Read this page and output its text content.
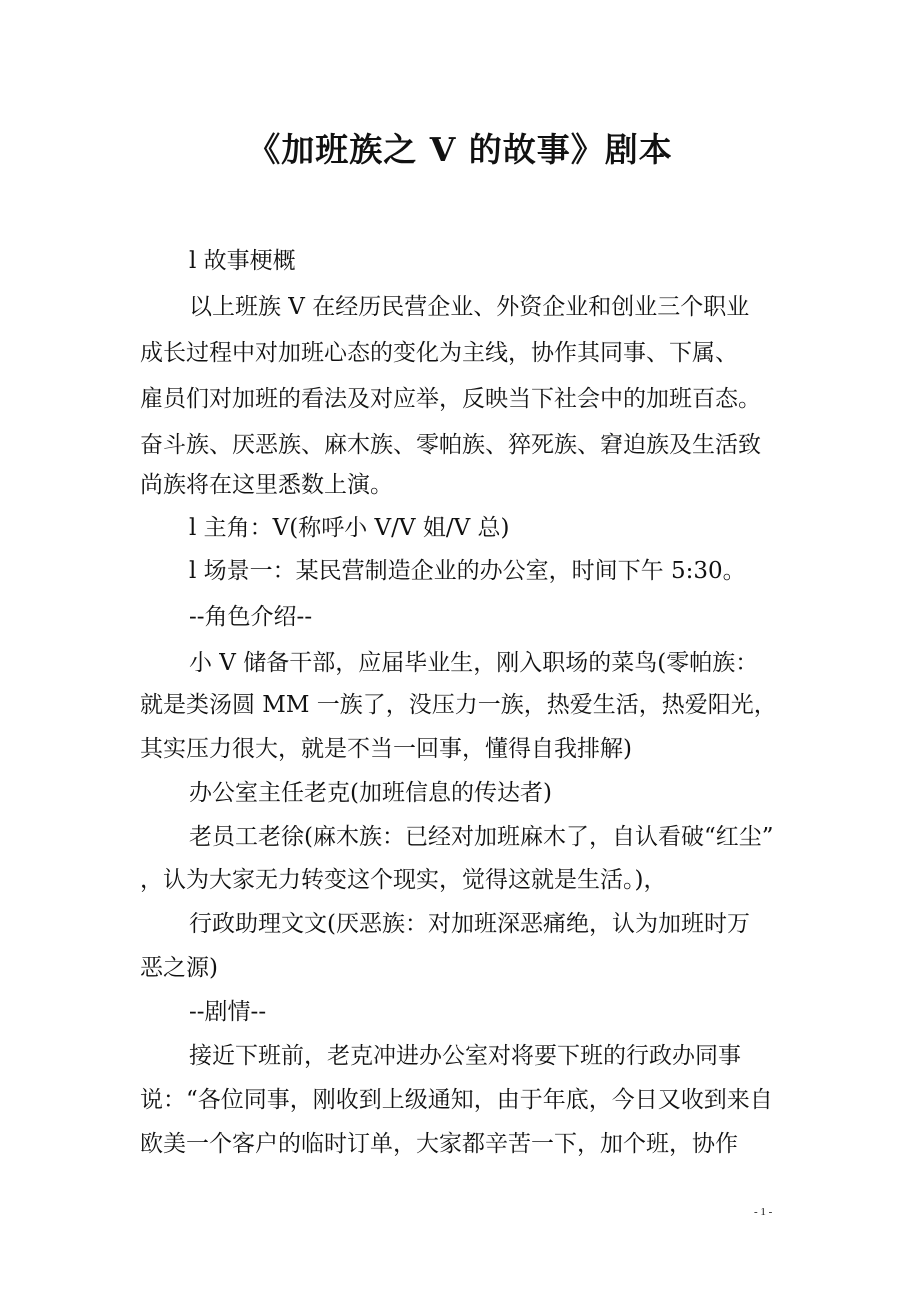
《加班族之 V 的故事》剧本
l 故事梗概
以上班族 V 在经历民营企业、外资企业和创业三个职业
成长过程中对加班心态的变化为主线，协作其同事、下属、
雇员们对加班的看法及对应举，反映当下社会中的加班百态。
奋斗族、厌恶族、麻木族、零帕族、猝死族、窘迫族及生活致
尚族将在这里悉数上演。
l 主角：V(称呼小 V/V 姐/V 总)
l 场景一：某民营制造企业的办公室，时间下午 5:30。
--角色介绍--
小 V 储备干部，应届毕业生，刚入职场的菜鸟(零帕族：
就是类汤圆 MM 一族了，没压力一族，热爱生活，热爱阳光，
其实压力很大，就是不当一回事，懂得自我排解)
办公室主任老克(加班信息的传达者)
老员工老徐(麻木族：已经对加班麻木了，自认看破“红尘”
，认为大家无力转变这个现实，觉得这就是生活。)，
行政助理文文(厌恶族：对加班深恶痛绝，认为加班时万
恶之源)
--剧情--
接近下班前，老克冲进办公室对将要下班的行政办同事
说：“各位同事，刚收到上级通知，由于年底，今日又收到来自
欧美一个客户的临时订单，大家都辛苦一下，加个班，协作
- 1 -
